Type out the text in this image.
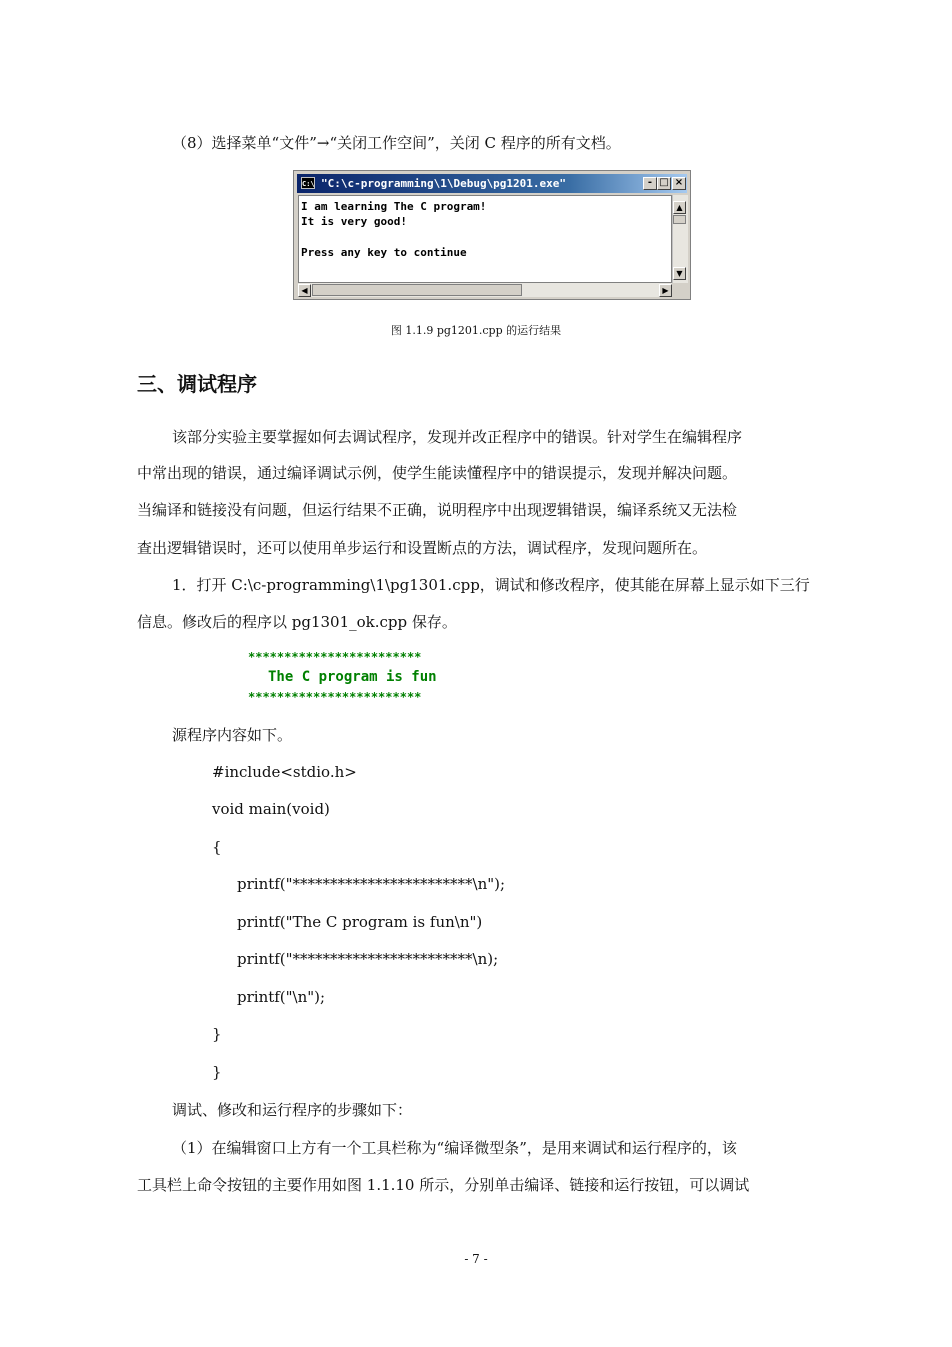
（8）选择菜单“文件”→“关闭工作空间”，关闭 C 程序的所有文档。
C:\ "C:\c-programming\1\Debug\pg1201.exe"	- □ ×
I am learning The C program!
It is very good!
Press any key to continue
▲
▼
◀	▶
图 1.1.9 pg1201.cpp 的运行结果
三、调试程序
该部分实验主要掌握如何去调试程序，发现并改正程序中的错误。针对学生在编辑程序
中常出现的错误，通过编译调试示例，使学生能读懂程序中的错误提示，发现并解决问题。
当编译和链接没有问题，但运行结果不正确，说明程序中出现逻辑错误，编译系统又无法检
查出逻辑错误时，还可以使用单步运行和设置断点的方法，调试程序，发现问题所在。
1．打开 C:\c-programming\1\pg1301.cpp，调试和修改程序，使其能在屏幕上显示如下三行
信息。修改后的程序以 pg1301_ok.cpp 保存。
************************
The C program is fun
************************
源程序内容如下。
#include<stdio.h>
void main(void)
{
printf("************************\n");
printf("The C program is fun\n")
printf("************************\n);
printf("\n");
}
}
调试、修改和运行程序的步骤如下：
（1）在编辑窗口上方有一个工具栏称为“编译微型条”，是用来调试和运行程序的，该
工具栏上命令按钮的主要作用如图 1.1.10 所示，分别单击编译、链接和运行按钮，可以调试
- 7 -
